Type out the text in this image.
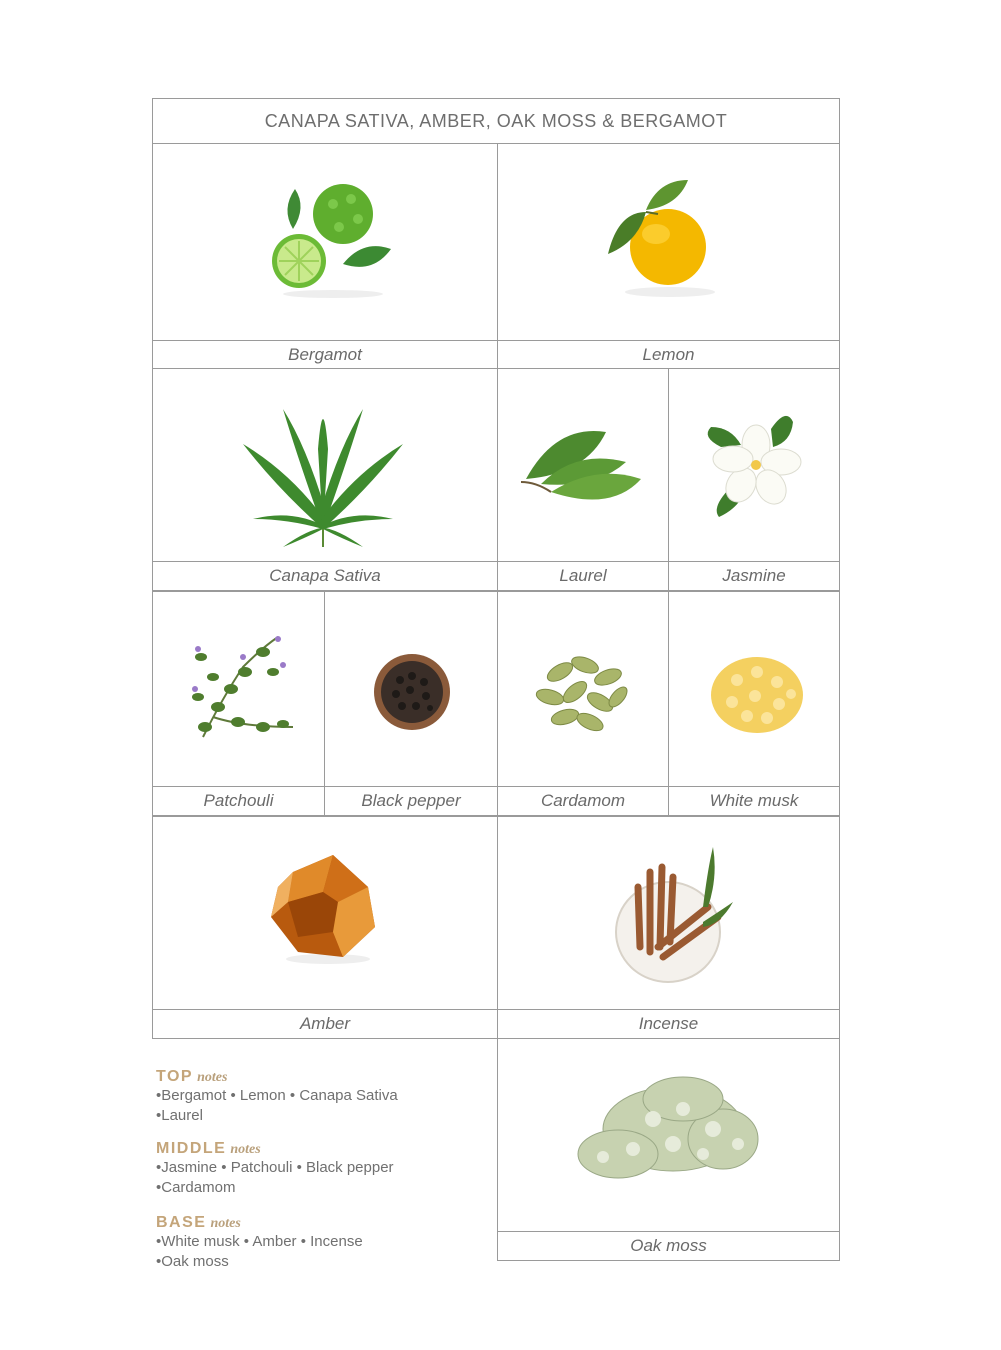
CANAPA SATIVA, AMBER, OAK MOSS & BERGAMOT
Bergamot	Lemon
Canapa Sativa	Laurel	Jasmine
Patchouli	Black pepper	Cardamom	White musk
Amber	Incense
Oak moss
TOP notes
•Bergamot • Lemon • Canapa Sativa
•Laurel
MIDDLE notes
•Jasmine • Patchouli • Black pepper
•Cardamom
BASE notes
•White musk • Amber • Incense
•Oak moss
